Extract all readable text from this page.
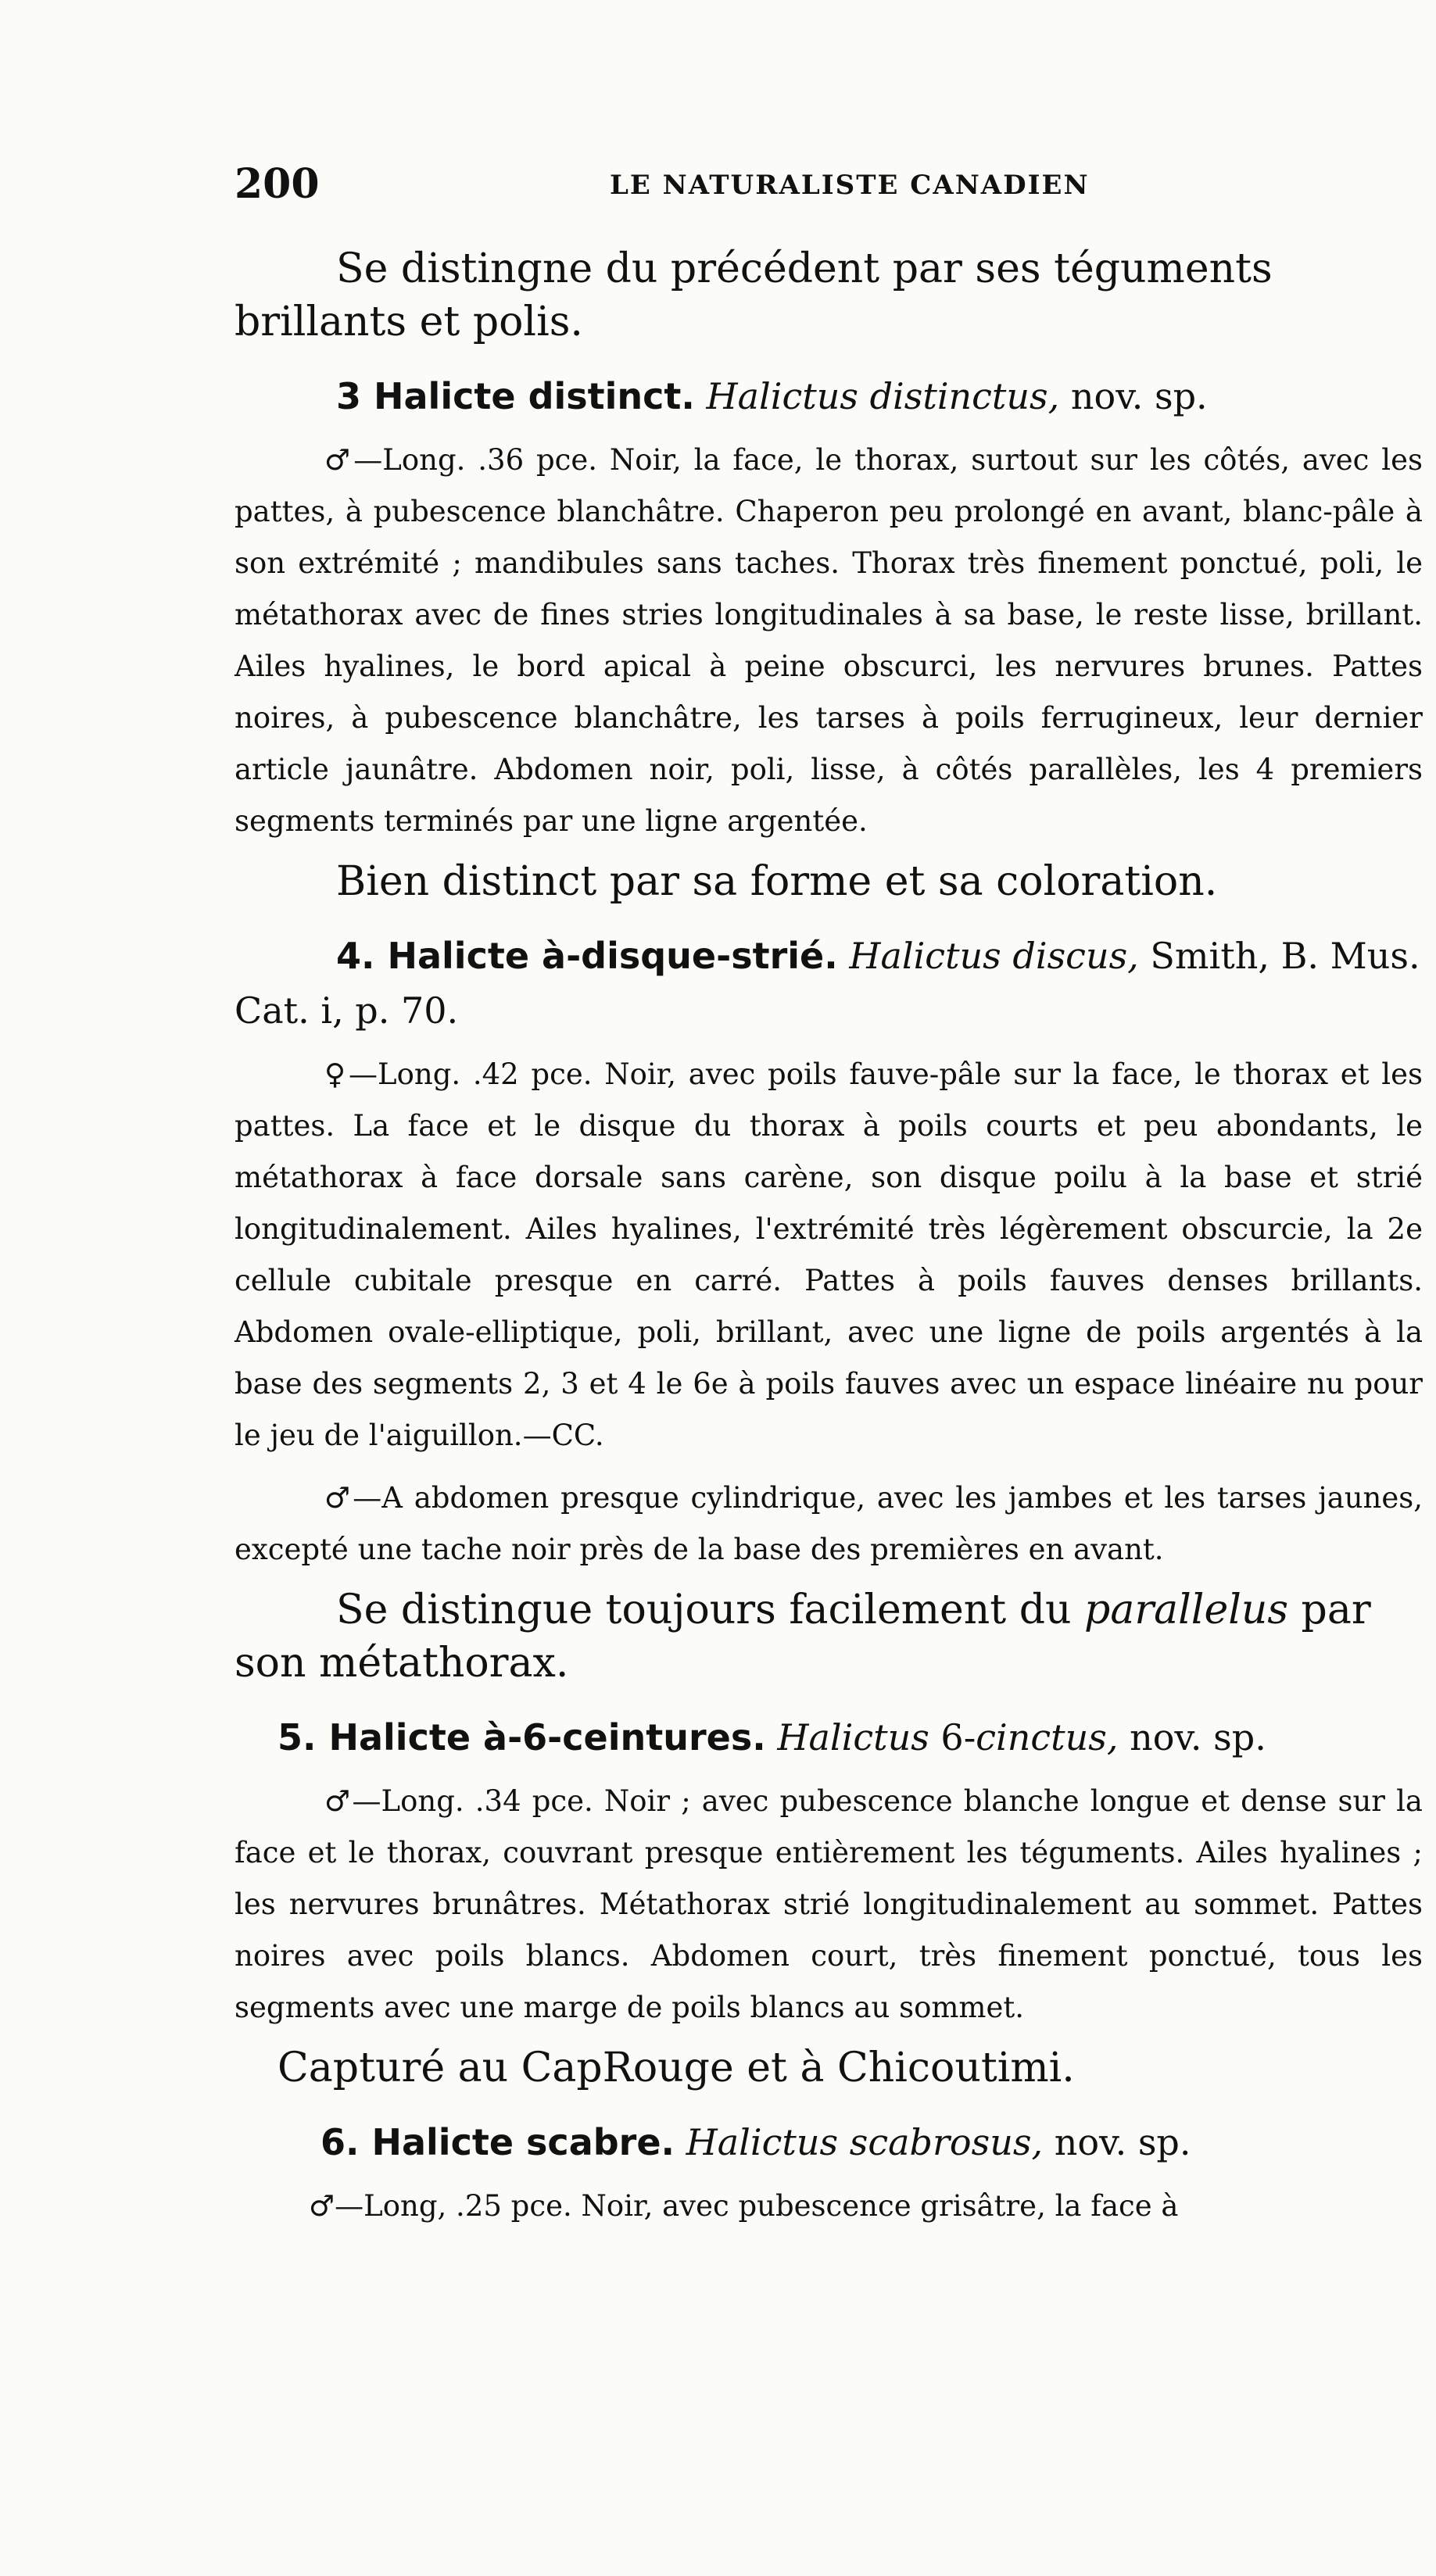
200	LE NATURALISTE CANADIEN

Se distingne du précédent par ses téguments brillants et polis.

3 Halicte distinct. Halictus distinctus, nov. sp.

♂—Long. .36 pce. Noir, la face, le thorax, surtout sur les côtés, avec les pattes, à pubescence blanchâtre. Chaperon peu prolongé en avant, blanc-pâle à son extrémité ; mandibules sans taches. Thorax très finement ponctué, poli, le métathorax avec de fines stries longitudinales à sa base, le reste lisse, brillant. Ailes hyalines, le bord apical à peine obscurci, les nervures brunes. Pattes noires, à pubescence blanchâtre, les tarses à poils ferrugineux, leur dernier article jaunâtre. Abdomen noir, poli, lisse, à côtés parallèles, les 4 premiers segments terminés par une ligne argentée.

Bien distinct par sa forme et sa coloration.

4. Halicte à-disque-strié. Halictus discus, Smith, B. Mus. Cat. i, p. 70.

♀—Long. .42 pce. Noir, avec poils fauve-pâle sur la face, le thorax et les pattes. La face et le disque du thorax à poils courts et peu abondants, le métathorax à face dorsale sans carène, son disque poilu à la base et strié longitudinalement. Ailes hyalines, l'extrémité très légèrement obscurcie, la 2e cellule cubitale presque en carré. Pattes à poils fauves denses brillants. Abdomen ovale-elliptique, poli, brillant, avec une ligne de poils argentés à la base des segments 2, 3 et 4 le 6e à poils fauves avec un espace linéaire nu pour le jeu de l'aiguillon.—CC.

♂—A abdomen presque cylindrique, avec les jambes et les tarses jaunes, excepté une tache noir près de la base des premières en avant.

Se distingue toujours facilement du parallelus par son métathorax.

5. Halicte à-6-ceintures. Halictus 6-cinctus, nov. sp.

♂—Long. .34 pce. Noir ; avec pubescence blanche longue et dense sur la face et le thorax, couvrant presque entièrement les téguments. Ailes hyalines ; les nervures brunâtres. Métathorax strié longitudinalement au sommet. Pattes noires avec poils blancs. Abdomen court, très finement ponctué, tous les segments avec une marge de poils blancs au sommet.

Capturé au CapRouge et à Chicoutimi.

6. Halicte scabre. Halictus scabrosus, nov. sp.

♂—Long, .25 pce. Noir, avec pubescence grisâtre, la face à
